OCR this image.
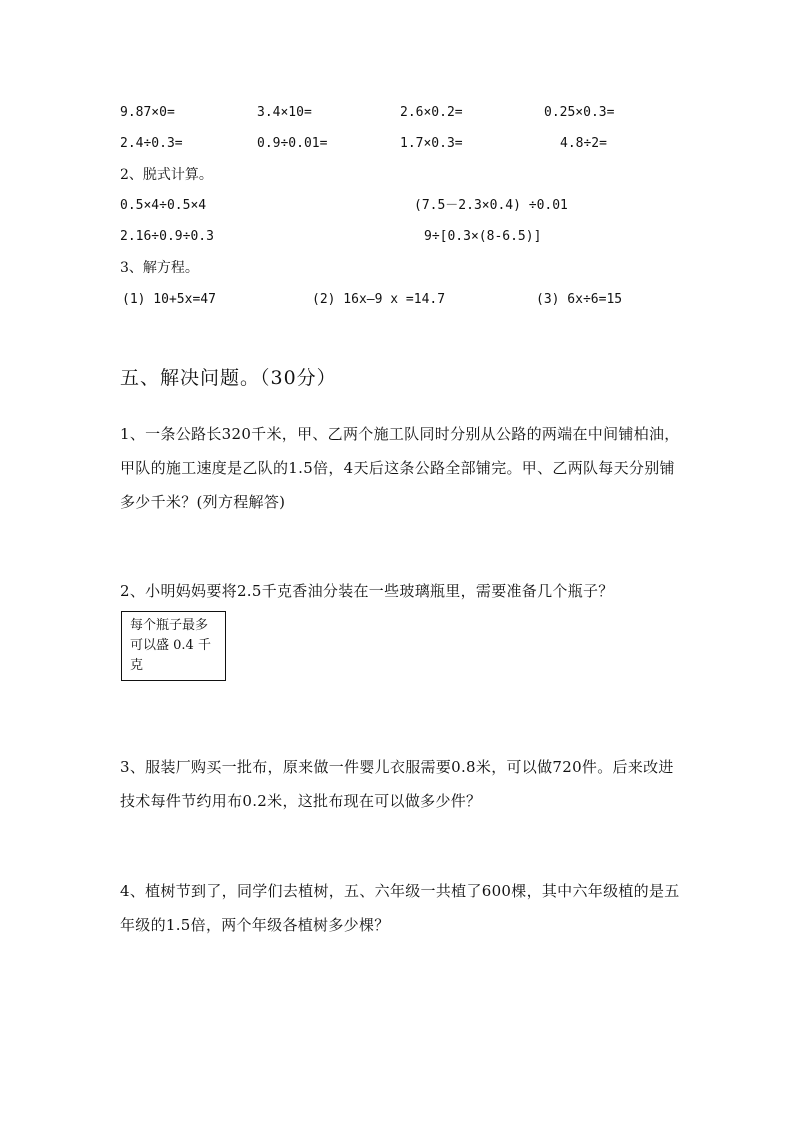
9.87×0=	3.4×10=	2.6×0.2=	0.25×0.3=
2.4÷0.3=	0.9÷0.01=	1.7×0.3=	4.8÷2=
2、脱式计算。
0.5×4÷0.5×4	(7.5－2.3×0.4) ÷0.01
2.16÷0.9÷0.3	9÷[0.3×(8-6.5)]
3、解方程。
(1) 10+5x=47	(2) 16x—9 x =14.7	(3) 6x÷6=15
五、解决问题。（30分）
1、一条公路长320千米，甲、乙两个施工队同时分别从公路的两端在中间铺柏油，甲队的施工速度是乙队的1.5倍，4天后这条公路全部铺完。甲、乙两队每天分别铺多少千米？(列方程解答)
2、小明妈妈要将2.5千克香油分装在一些玻璃瓶里，需要准备几个瓶子？
每个瓶子最多可以盛 0.4 千克
3、服装厂购买一批布，原来做一件婴儿衣服需要0.8米，可以做720件。后来改进技术每件节约用布0.2米，这批布现在可以做多少件？
4、植树节到了，同学们去植树，五、六年级一共植了600棵，其中六年级植的是五年级的1.5倍，两个年级各植树多少棵？
